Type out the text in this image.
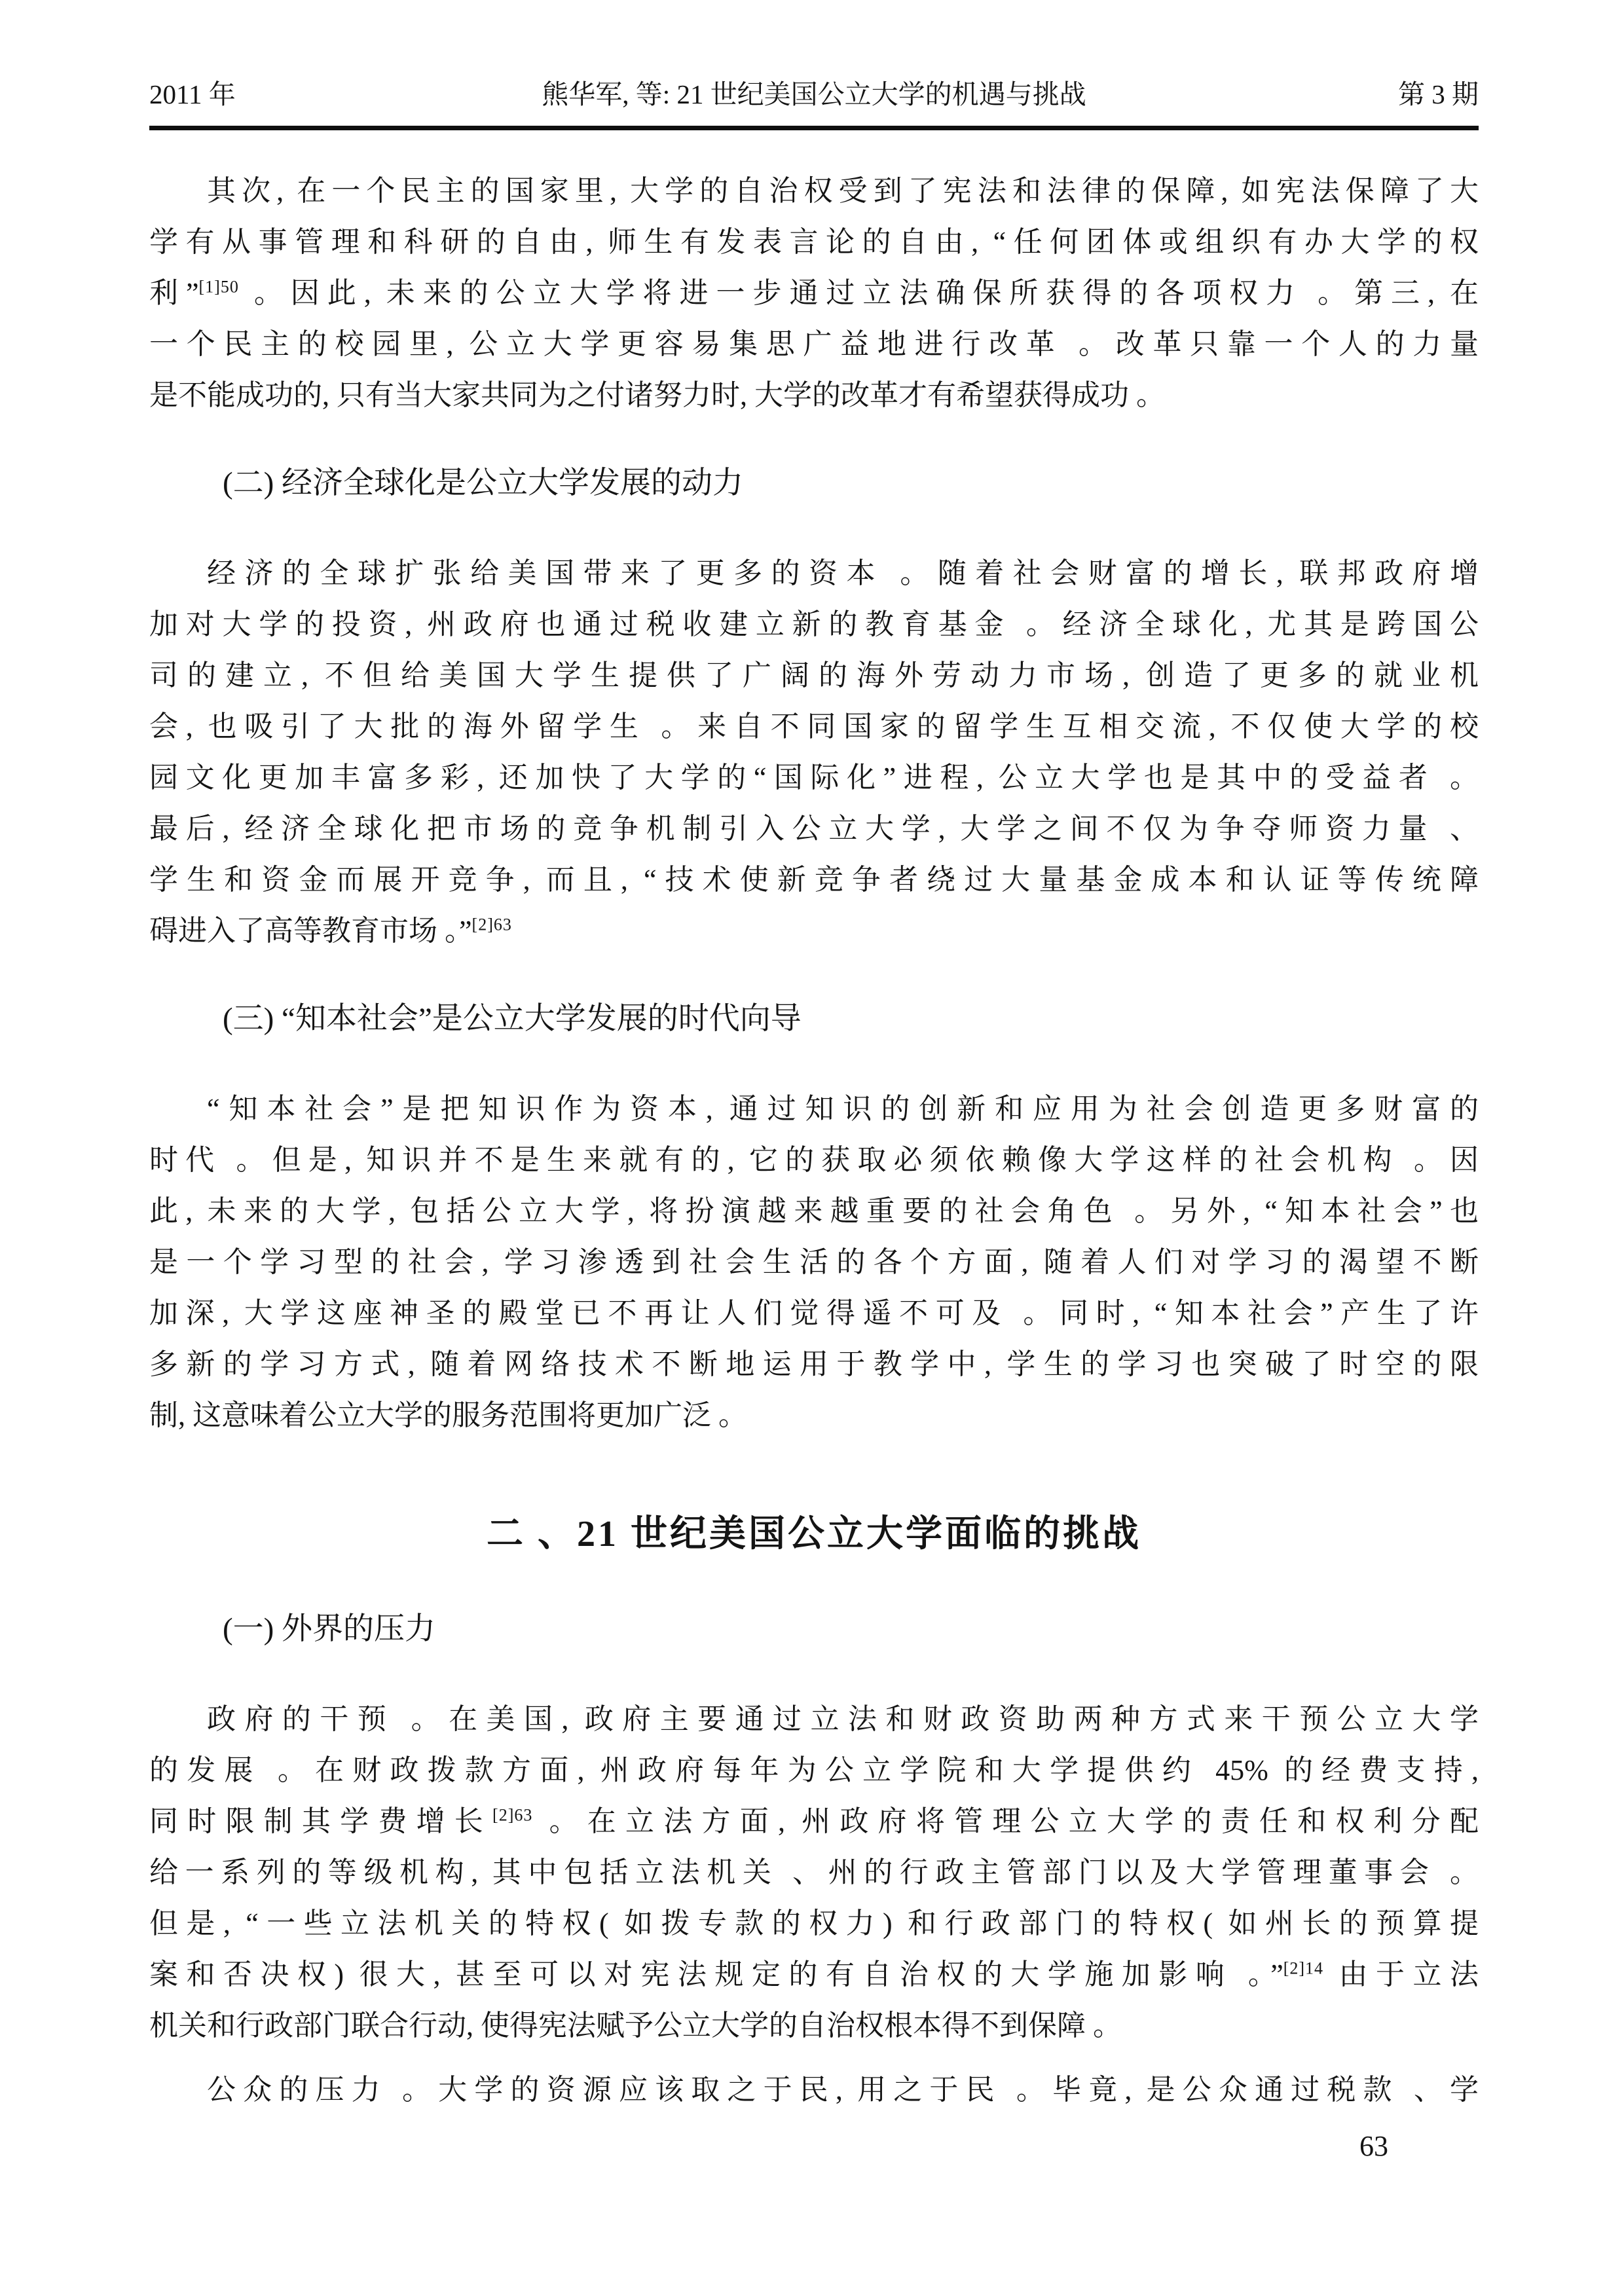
2011 年	熊华军, 等: 21 世纪美国公立大学的机遇与挑战	第 3 期
其次, 在一个民主的国家里, 大学的自治权受到了宪法和法律的保障, 如宪法保障了大
学有从事管理和科研的自由, 师生有发表言论的自由, “任何团体或组织有办大学的权
利”$^{[1]50}$ 。因此, 未来的公立大学将进一步通过立法确保所获得的各项权力 。第三, 在
一个民主的校园里, 公立大学更容易集思广益地进行改革 。改革只靠一个人的力量
是不能成功的, 只有当大家共同为之付诸努力时, 大学的改革才有希望获得成功 。
(二) 经济全球化是公立大学发展的动力
经济的全球扩张给美国带来了更多的资本 。随着社会财富的增长, 联邦政府增
加对大学的投资, 州政府也通过税收建立新的教育基金 。经济全球化, 尤其是跨国公
司的建立, 不但给美国大学生提供了广阔的海外劳动力市场, 创造了更多的就业机
会, 也吸引了大批的海外留学生 。来自不同国家的留学生互相交流, 不仅使大学的校
园文化更加丰富多彩, 还加快了大学的“国际化”进程, 公立大学也是其中的受益者 。
最后, 经济全球化把市场的竞争机制引入公立大学, 大学之间不仅为争夺师资力量 、
学生和资金而展开竞争, 而且, “技术使新竞争者绕过大量基金成本和认证等传统障
碍进入了高等教育市场 。”$^{[2]63}$
(三) “知本社会”是公立大学发展的时代向导
“知本社会”是把知识作为资本, 通过知识的创新和应用为社会创造更多财富的
时代 。但是, 知识并不是生来就有的, 它的获取必须依赖像大学这样的社会机构 。因
此, 未来的大学, 包括公立大学, 将扮演越来越重要的社会角色 。另外, “知本社会”也
是一个学习型的社会, 学习渗透到社会生活的各个方面, 随着人们对学习的渴望不断
加深, 大学这座神圣的殿堂已不再让人们觉得遥不可及 。同时, “知本社会”产生了许
多新的学习方式, 随着网络技术不断地运用于教学中, 学生的学习也突破了时空的限
制, 这意味着公立大学的服务范围将更加广泛 。
二 、21 世纪美国公立大学面临的挑战
(一) 外界的压力
政府的干预 。在美国, 政府主要通过立法和财政资助两种方式来干预公立大学
的发展 。在财政拨款方面, 州政府每年为公立学院和大学提供约 45% 的经费支持,
同时限制其学费增长$^{[2]63}$ 。在立法方面, 州政府将管理公立大学的责任和权利分配
给一系列的等级机构, 其中包括立法机关 、州的行政主管部门以及大学管理董事会 。
但是, “一些立法机关的特权( 如拨专款的权力) 和行政部门的特权( 如州长的预算提
案和否决权) 很大, 甚至可以对宪法规定的有自治权的大学施加影响 。”$^{[2]14}$ 由于立法
机关和行政部门联合行动, 使得宪法赋予公立大学的自治权根本得不到保障 。
公众的压力 。大学的资源应该取之于民, 用之于民 。毕竟, 是公众通过税款 、学
63
